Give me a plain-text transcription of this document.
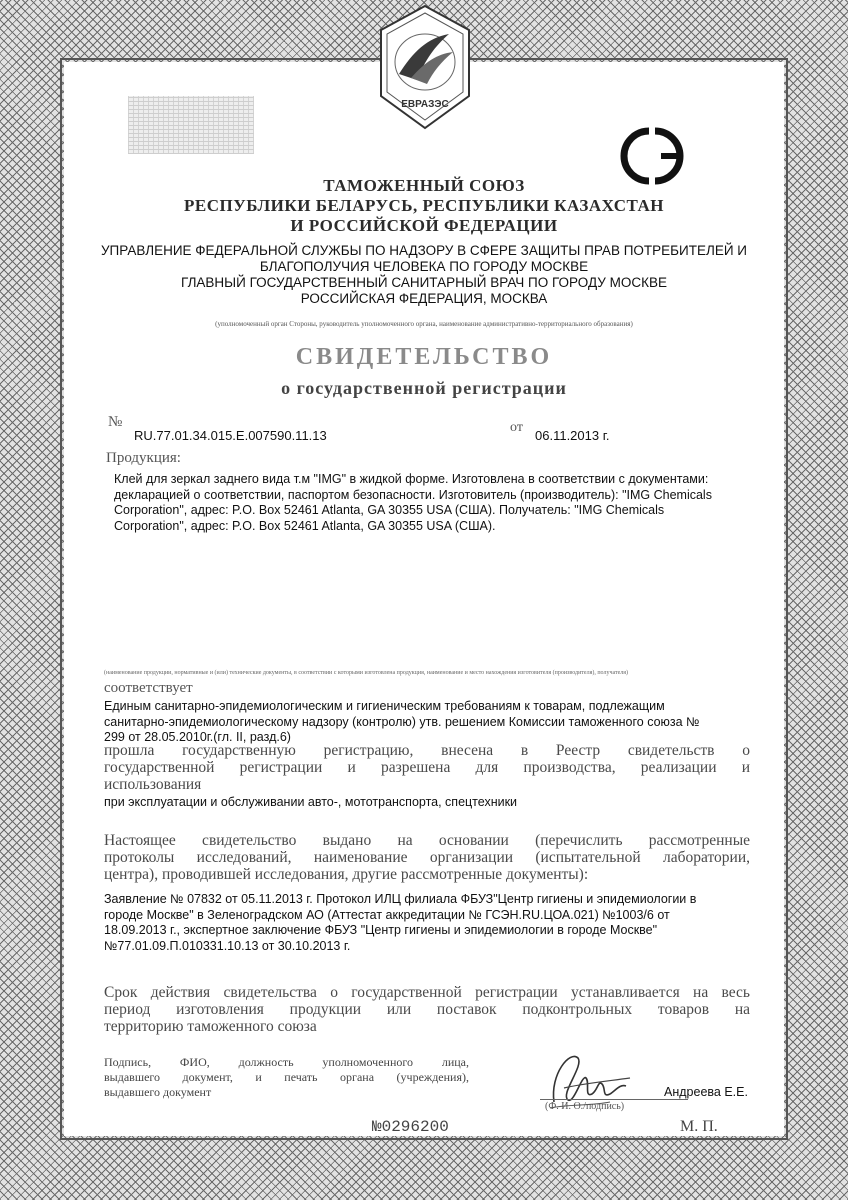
ЕВРАЗЭС
ТАМОЖЕННЫЙ СОЮЗ
РЕСПУБЛИКИ БЕЛАРУСЬ, РЕСПУБЛИКИ КАЗАХСТАН
И РОССИЙСКОЙ ФЕДЕРАЦИИ
УПРАВЛЕНИЕ ФЕДЕРАЛЬНОЙ СЛУЖБЫ ПО НАДЗОРУ В СФЕРЕ ЗАЩИТЫ ПРАВ ПОТРЕБИТЕЛЕЙ И
БЛАГОПОЛУЧИЯ ЧЕЛОВЕКА ПО ГОРОДУ МОСКВЕ
ГЛАВНЫЙ ГОСУДАРСТВЕННЫЙ САНИТАРНЫЙ ВРАЧ ПО ГОРОДУ МОСКВЕ
РОССИЙСКАЯ ФЕДЕРАЦИЯ, МОСКВА
(уполномоченный орган Стороны, руководитель уполномоченного органа, наименование административно-территориального образования)
СВИДЕТЕЛЬСТВО
о государственной регистрации
№
RU.77.01.34.015.Е.007590.11.13
от
06.11.2013 г.
Продукция:
Клей для зеркал заднего вида т.м "IMG" в жидкой форме. Изготовлена в соответствии с документами:
декларацией о соответствии, паспортом безопасности. Изготовитель (производитель): "IMG Chemicals
Corporation", адрес: P.O. Box 52461 Atlanta, GA 30355 USA (США). Получатель: "IMG Chemicals
Corporation", адрес: P.O. Box 52461 Atlanta, GA 30355 USA (США).
(наименование продукции, нормативные и (или) технические документы, в соответствии с которыми изготовлена продукция, наименование и место нахождения изготовителя (производителя), получателя)
соответствует
Единым санитарно-эпидемиологическим и гигиеническим требованиям к товарам, подлежащим
санитарно-эпидемиологическому надзору (контролю) утв. решением Комиссии таможенного союза №
299 от 28.05.2010г.(гл. II, разд.6)
прошла государственную регистрацию, внесена в Реестр свидетельств о
государственной регистрации и разрешена для производства, реализации и
использования
при эксплуатации и обслуживании авто-, мототранспорта, спецтехники
Настоящее свидетельство выдано на основании (перечислить рассмотренные
протоколы исследований, наименование организации (испытательной лаборатории,
центра), проводившей исследования, другие рассмотренные документы):
Заявление № 07832 от 05.11.2013 г. Протокол ИЛЦ филиала ФБУЗ"Центр гигиены и эпидемиологии в
городе Москве" в Зеленоградском АО (Аттестат аккредитации № ГСЭН.RU.ЦОА.021) №1003/6 от
18.09.2013 г., экспертное заключение ФБУЗ "Центр гигиены и эпидемиологии в городе Москве"
№77.01.09.П.010331.10.13 от 30.10.2013 г.
Срок действия свидетельства о государственной регистрации устанавливается на весь
период изготовления продукции или поставок подконтрольных товаров на
территорию таможенного союза
Подпись, ФИО, должность уполномоченного лица,
выдавшего документ, и печать органа (учреждения),
выдавшего документ
(Ф. И. О./подпись)
Андреева Е.Е.
№0296200	М. П.
